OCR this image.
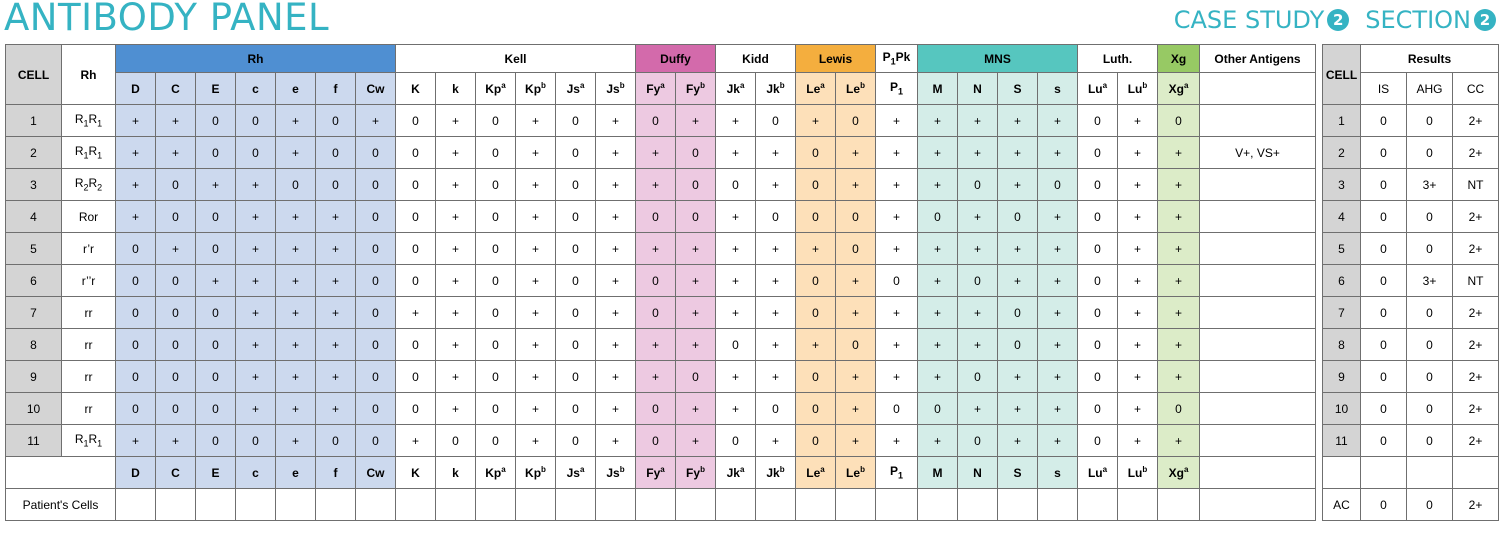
ANTIBODY PANEL	CASE STUDY 2 SECTION 2
CELL	Rh	Rh							Kell						Duffy		Kidd		Lewis		$P_1Pk$	MNS				Luth.		Xg	Other Antigens
		D	C	E	c	e	f	Cw	K	k	Kp$^a$	Kp$^b$	Js$^a$	Js$^b$	Fy$^a$	Fy$^b$	Jk$^a$	Jk$^b$	Le$^a$	Le$^b$	$P_1$	M	N	S	s	Lu$^a$	Lu$^b$	Xg$^a$	
1	$R_1R_1$	+	+	0	0	+	0	+	0	+	0	+	0	+	0	+	+	0	+	0	+	+	+	+	+	0	+	0	
2	$R_1R_1$	+	+	0	0	+	0	0	0	+	0	+	0	+	+	0	+	+	0	+	+	+	+	+	+	0	+	+	V+, VS+
3	$R_2R_2$	+	0	+	+	0	0	0	0	+	0	+	0	+	+	0	0	+	0	+	+	+	0	+	0	0	+	+	
4	Ror	+	0	0	+	+	+	0	0	+	0	+	0	+	0	0	+	0	0	0	+	0	+	0	+	0	+	+	
5	r’r	0	+	0	+	+	+	0	0	+	0	+	0	+	+	+	+	+	+	0	+	+	+	+	+	0	+	+	
6	r’’r	0	0	+	+	+	+	0	0	+	0	+	0	+	0	+	+	+	0	+	0	+	0	+	+	0	+	+	
7	rr	0	0	0	+	+	+	0	+	+	0	+	0	+	0	+	+	+	0	+	+	+	+	0	+	0	+	+	
8	rr	0	0	0	+	+	+	0	0	+	0	+	0	+	+	+	0	+	+	0	+	+	+	0	+	0	+	+	
9	rr	0	0	0	+	+	+	0	0	+	0	+	0	+	+	0	+	+	0	+	+	+	0	+	+	0	+	+	
10	rr	0	0	0	+	+	+	0	0	+	0	+	0	+	0	+	+	0	0	+	0	0	+	+	+	0	+	0	
11	$R_1R_1$	+	+	0	0	+	0	0	+	0	0	+	0	+	0	+	0	+	0	+	+	+	0	+	+	0	+	+	
		D	C	E	c	e	f	Cw	K	k	Kp$^a$	Kp$^b$	Js$^a$	Js$^b$	Fy$^a$	Fy$^b$	Jk$^a$	Jk$^b$	Le$^a$	Le$^b$	$P_1$	M	N	S	s	Lu$^a$	Lu$^b$	Xg$^a$	
Patient's Cells																													
CELL	Results		
	IS	AHG	CC
1	0	0	2+
2	0	0	2+
3	0	3+	NT
4	0	0	2+
5	0	0	2+
6	0	3+	NT
7	0	0	2+
8	0	0	2+
9	0	0	2+
10	0	0	2+
11	0	0	2+

AC	0	0	2+
